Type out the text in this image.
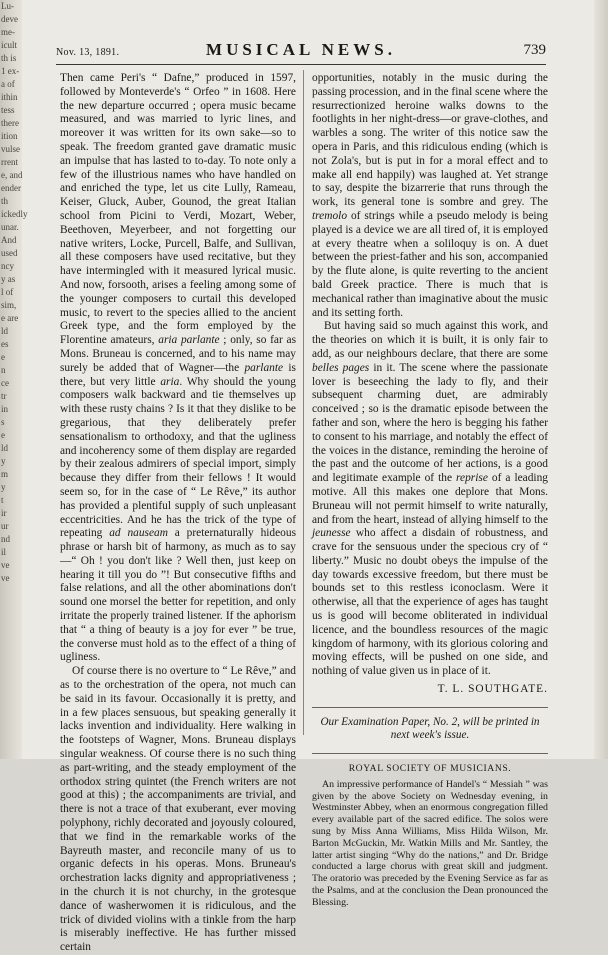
Lu-
deve
me-
icult
th is
1 ex-
a of
ithin
tess
there
ition
vulse
rrent
e, and
ender
th
ickedly
unar.
And
used
ncy
y as
l of
sim,
e are
ld
es
e
n
ce
tr
in
s
e
ld
y
m
y
t
ir
ur
nd
il
ve
ve
Nov. 13, 1891.	MUSICAL NEWS.	739

Then came Peri's “ Dafne,” produced in 1597, followed by Monteverde's “ Orfeo ” in 1608. Here the new departure occurred ; opera music became measured, and was married to lyric lines, and moreover it was written for its own sake—so to speak. The freedom granted gave dramatic music an impulse that has lasted to to-day. To note only a few of the illustrious names who have handled on and enriched the type, let us cite Lully, Rameau, Keiser, Gluck, Auber, Gounod, the great Italian school from Picini to Verdi, Mozart, Weber, Beethoven, Meyerbeer, and not forgetting our native writers, Locke, Purcell, Balfe, and Sullivan, all these composers have used recitative, but they have intermingled with it measured lyrical music. And now, forsooth, arises a feeling among some of the younger composers to curtail this developed music, to revert to the species allied to the ancient Greek type, and the form employed by the Florentine amateurs, aria parlante ; only, so far as Mons. Bruneau is concerned, and to his name may surely be added that of Wagner—the parlante is there, but very little aria. Why should the young composers walk backward and tie themselves up with these rusty chains ? Is it that they dislike to be gregarious, that they deliberately prefer sensationalism to orthodoxy, and that the ugliness and incoherency some of them display are regarded by their zealous admirers of special import, simply because they differ from their fellows ! It would seem so, for in the case of “ Le Rêve,” its author has provided a plentiful supply of such unpleasant eccentricities. And he has the trick of the type of repeating ad nauseam a preternaturally hideous phrase or harsh bit of harmony, as much as to say—“ Oh ! you don't like ? Well then, just keep on hearing it till you do ”! But consecutive fifths and false relations, and all the other abominations don't sound one morsel the better for repetition, and only irritate the properly trained listener. If the aphorism that “ a thing of beauty is a joy for ever ” be true, the converse must hold as to the effect of a thing of ugliness.

Of course there is no overture to “ Le Rêve,” and as to the orchestration of the opera, not much can be said in its favour. Occasionally it is pretty, and in a few places sensuous, but speaking generally it lacks invention and individuality. Here walking in the footsteps of Wagner, Mons. Bruneau displays singular weakness. Of course there is no such thing as part-writing, and the steady employment of the orthodox string quintet (the French writers are not good at this) ; the accompaniments are trivial, and there is not a trace of that exuberant, ever moving polyphony, richly decorated and joyously coloured, that we find in the remarkable works of the Bayreuth master, and reconcile many of us to organic defects in his operas. Mons. Bruneau's orchestration lacks dignity and appropriativeness ; in the church it is not churchy, in the grotesque dance of washerwomen it is ridiculous, and the trick of divided violins with a tinkle from the harp is miserably ineffective. He has further missed certain

opportunities, notably in the music during the passing procession, and in the final scene where the resurrectionized heroine walks downs to the footlights in her night-dress—or grave-clothes, and warbles a song. The writer of this notice saw the opera in Paris, and this ridiculous ending (which is not Zola's, but is put in for a moral effect and to make all end happily) was laughed at. Yet strange to say, despite the bizarrerie that runs through the work, its general tone is sombre and grey. The tremolo of strings while a pseudo melody is being played is a device we are all tired of, it is employed at every theatre when a soliloquy is on. A duet between the priest-father and his son, accompanied by the flute alone, is quite reverting to the ancient bald Greek practice. There is much that is mechanical rather than imaginative about the music and its setting forth.

But having said so much against this work, and the theories on which it is built, it is only fair to add, as our neighbours declare, that there are some belles pages in it. The scene where the passionate lover is beseeching the lady to fly, and their subsequent charming duet, are admirably conceived ; so is the dramatic episode between the father and son, where the hero is begging his father to consent to his marriage, and notably the effect of the voices in the distance, reminding the heroine of the past and the outcome of her actions, is a good and legitimate example of the reprise of a leading motive. All this makes one deplore that Mons. Bruneau will not permit himself to write naturally, and from the heart, instead of allying himself to the jeunesse who affect a disdain of robustness, and crave for the sensuous under the specious cry of “ liberty.” Music no doubt obeys the impulse of the day towards excessive freedom, but there must be bounds set to this restless iconoclasm. Were it otherwise, all that the experience of ages has taught us is good will become obliterated in individual licence, and the boundless resources of the magic kingdom of harmony, with its glorious coloring and moving effects, will be pushed on one side, and nothing of value given us in place of it.

T. L. SOUTHGATE.
Our Examination Paper, No. 2, will be printed in next week's issue.
ROYAL SOCIETY OF MUSICIANS.

An impressive performance of Handel's “ Messiah ” was given by the above Society on Wednesday evening, in Westminster Abbey, when an enormous congregation filled every available part of the sacred edifice. The solos were sung by Miss Anna Williams, Miss Hilda Wilson, Mr. Barton McGuckin, Mr. Watkin Mills and Mr. Santley, the latter artist singing “Why do the nations,” and Dr. Bridge conducted a large chorus with great skill and judgment. The oratorio was preceded by the Evening Service as far as the Psalms, and at the conclusion the Dean pronounced the Blessing.
